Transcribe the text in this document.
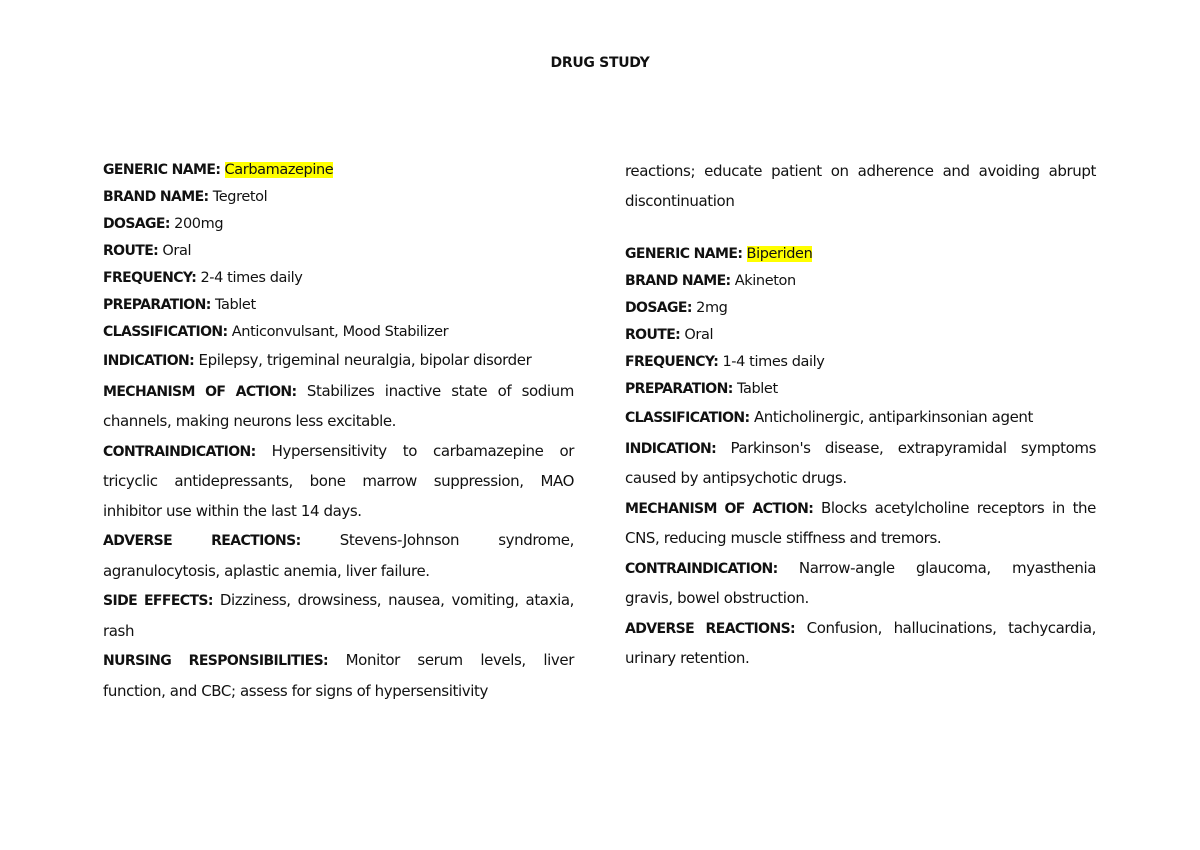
DRUG STUDY
GENERIC NAME: Carbamazepine
BRAND NAME: Tegretol
DOSAGE: 200mg
ROUTE: Oral
FREQUENCY: 2-4 times daily
PREPARATION: Tablet
CLASSIFICATION: Anticonvulsant, Mood Stabilizer
INDICATION: Epilepsy, trigeminal neuralgia, bipolar disorder
MECHANISM OF ACTION: Stabilizes inactive state of sodium channels, making neurons less excitable.
CONTRAINDICATION: Hypersensitivity to carbamazepine or tricyclic antidepressants, bone marrow suppression, MAO inhibitor use within the last 14 days.
ADVERSE REACTIONS:	Stevens-Johnson syndrome, agranulocytosis, aplastic anemia, liver failure.
SIDE EFFECTS: Dizziness, drowsiness, nausea, vomiting, ataxia, rash
NURSING RESPONSIBILITIES: Monitor serum levels, liver function, and CBC; assess for signs of hypersensitivity
reactions; educate patient on adherence and avoiding abrupt discontinuation
GENERIC NAME: Biperiden
BRAND NAME: Akineton
DOSAGE: 2mg
ROUTE: Oral
FREQUENCY: 1-4 times daily
PREPARATION: Tablet
CLASSIFICATION: Anticholinergic, antiparkinsonian agent
INDICATION: Parkinson's disease, extrapyramidal symptoms caused by antipsychotic drugs.
MECHANISM OF ACTION: Blocks acetylcholine receptors in the CNS, reducing muscle stiffness and tremors.
CONTRAINDICATION: Narrow-angle glaucoma, myasthenia gravis, bowel obstruction.
ADVERSE REACTIONS: Confusion, hallucinations, tachycardia, urinary retention.
